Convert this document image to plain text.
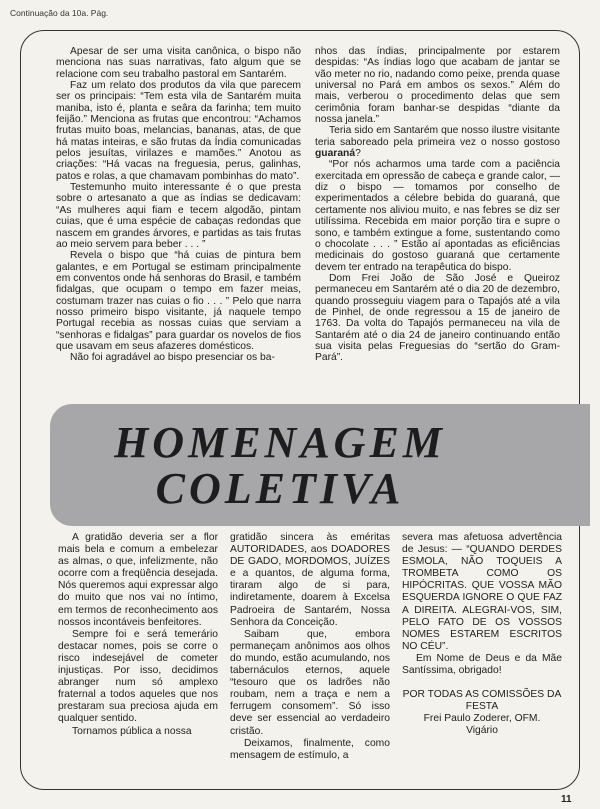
Continuação da 10a. Pág.

Apesar de ser uma visita canônica, o bispo não menciona nas suas narrativas, fato algum que se relacione com seu trabalho pastoral em Santarém.

Faz um relato dos produtos da vila que parecem ser os principais: “Tem esta vila de Santarém muita maniba, isto é, planta e seâra da farinha; tem muito feijão.” Menciona as frutas que encontrou: “Achamos frutas muito boas, melancias, bananas, atas, de que há matas inteiras, e são frutas da Índia comunicadas pelos jesuítas, virilazes e mamões.” Anotou as criações: “Há vacas na freguesia, perus, galinhas, patos e rolas, a que chamavam pombinhas do mato”.

Testemunho muito interessante é o que presta sobre o artesanato a que as índias se dedicavam: “As mulheres aqui fiam e tecem algodão, pintam cuias, que é uma espécie de cabaças redondas que nascem em grandes árvores, e partidas as tais frutas ao meio servem para beber . . . ”

Revela o bispo que “há cuias de pintura bem galantes, e em Portugal se estimam principalmente em conventos onde há senhoras do Brasil, e também fidalgas, que ocupam o tempo em fazer meias, costumam trazer nas cuias o fio . . . ” Pelo que narra nosso primeiro bispo visitante, já naquele tempo Portugal recebia as nossas cuias que serviam a “senhoras e fidalgas” para guardar os novelos de fios que usavam em seus afazeres domésticos.

Não foi agradável ao bispo presenciar os ba-

nhos das índias, principalmente por estarem despidas: “As índias logo que acabam de jantar se vão meter no rio, nadando como peixe, prenda quase universal no Pará em ambos os sexos.” Além do mais, verberou o procedimento delas que sem cerimônia foram banhar-se despidas “diante da nossa janela.”

Teria sido em Santarém que nosso ilustre visitante teria saboreado pela primeira vez o nosso gostoso guaraná?

“Por nós acharmos uma tarde com a paciência exercitada em opressão de cabeça e grande calor, — diz o bispo — tomamos por conselho de experimentados a célebre bebida do guaraná, que certamente nos aliviou muito, e nas febres se diz ser utilíssima. Recebida em maior porção tira e supre o sono, e também extingue a fome, sustentando como o chocolate . . . ” Estão aí apontadas as eficiências medicinais do gostoso guaraná que certamente devem ter entrado na terapêutica do bispo.

Dom Frei João de São José e Queiroz permaneceu em Santarém até o dia 20 de dezembro, quando prosseguiu viagem para o Tapajós até a vila de Pinhel, de onde regressou a 15 de janeiro de 1763. Da volta do Tapajós permaneceu na vila de Santarém até o dia 24 de janeiro continuando então sua visita pelas Freguesias do “sertão do Gram-Pará”.

HOMENAGEM
COLETIVA

A gratidão deveria ser a flor mais bela e comum a embelezar as almas, o que, infelizmente, não ocorre com a freqüência desejada. Nós queremos aqui expressar algo do muito que nos vai no íntimo, em termos de reconhecimento aos nossos incontáveis benfeitores.

Sempre foi e será temerário destacar nomes, pois se corre o risco indesejável de cometer injustiças. Por isso, decidimos abranger num só amplexo fraternal a todos aqueles que nos prestaram sua preciosa ajuda em qualquer sentido.

Tornamos pública a nossa

gratidão sincera às eméritas AUTORIDADES, aos DOADORES DE GADO, MORDOMOS, JUÍZES e a quantos, de alguma forma, tiraram algo de si para, indiretamente, doarem à Excelsa Padroeira de Santarém, Nossa Senhora da Conceição.

Saibam que, embora permaneçam anônimos aos olhos do mundo, estão acumulando, nos tabernáculos eternos, aquele “tesouro que os ladrões não roubam, nem a traça e nem a ferrugem consomem”. Só isso deve ser essencial ao verdadeiro cristão.

Deixamos, finalmente, como mensagem de estímulo, a

severa mas afetuosa advertência de Jesus: — “QUANDO DERDES ESMOLA, NÃO TOQUEIS A TROMBETA COMO OS HIPÓCRITAS. QUE VOSSA MÃO ESQUERDA IGNORE O QUE FAZ A DIREITA. ALEGRAI-VOS, SIM, PELO FATO DE OS VOSSOS NOMES ESTAREM ESCRITOS NO CÉU”.

Em Nome de Deus e da Mãe Santíssima, obrigado!

POR TODAS AS COMISSÕES DA FESTA

Frei Paulo Zoderer, OFM.

Vigário

11
